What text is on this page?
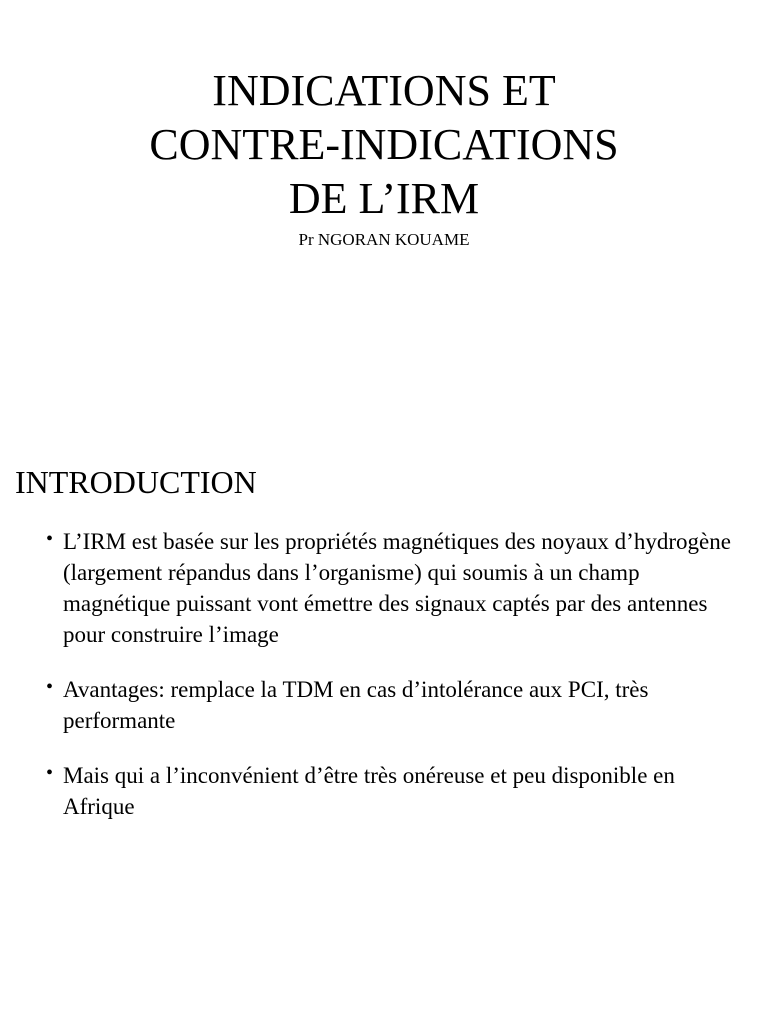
INDICATIONS ET
CONTRE-INDICATIONS
DE L’IRM

Pr NGORAN KOUAME

INTRODUCTION
• L’IRM est basée sur les propriétés magnétiques des noyaux d’hydrogène (largement répandus dans l’organisme) qui soumis à un champ magnétique puissant vont émettre des signaux captés par des antennes pour construire l’image
• Avantages: remplace la TDM en cas d’intolérance aux PCI, très performante
• Mais qui a l’inconvénient d’être très onéreuse et peu disponible en Afrique
